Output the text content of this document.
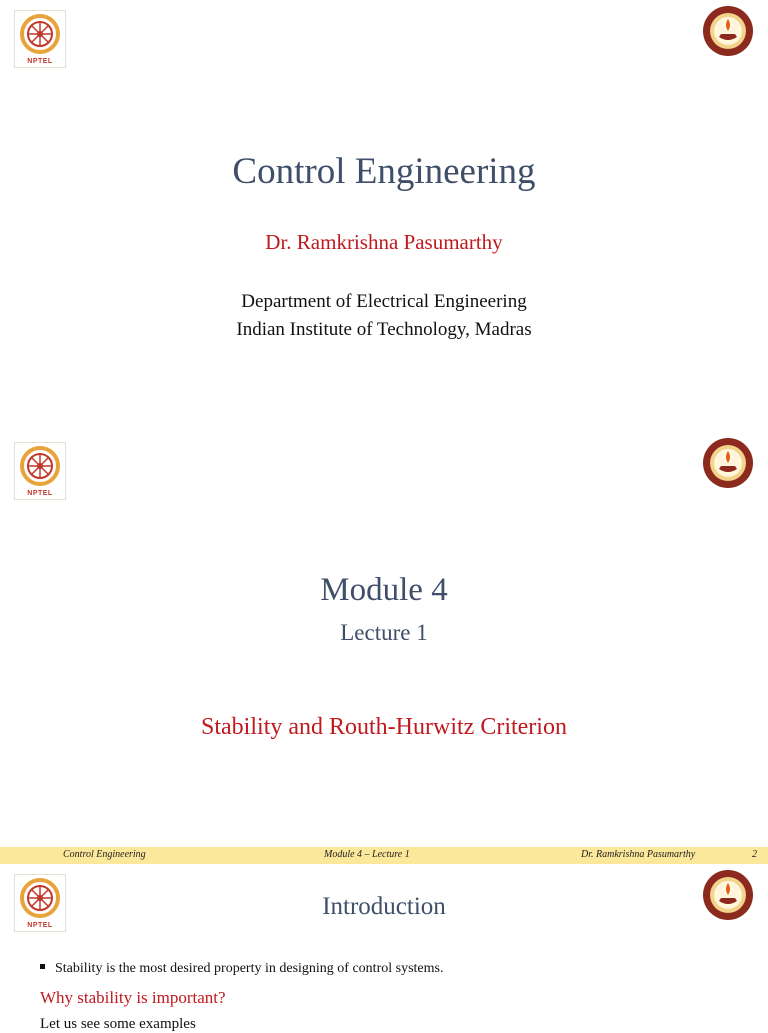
NPTEL
Control Engineering
Dr. Ramkrishna Pasumarthy
Department of Electrical Engineering
Indian Institute of Technology, Madras
NPTEL
Module 4
Lecture 1
Stability and Routh-Hurwitz Criterion
Control Engineering	Module 4 – Lecture 1	Dr. Ramkrishna Pasumarthy	2
NPTEL
Introduction
Stability is the most desired property in designing of control systems.
Why stability is important?
Let us see some examples
